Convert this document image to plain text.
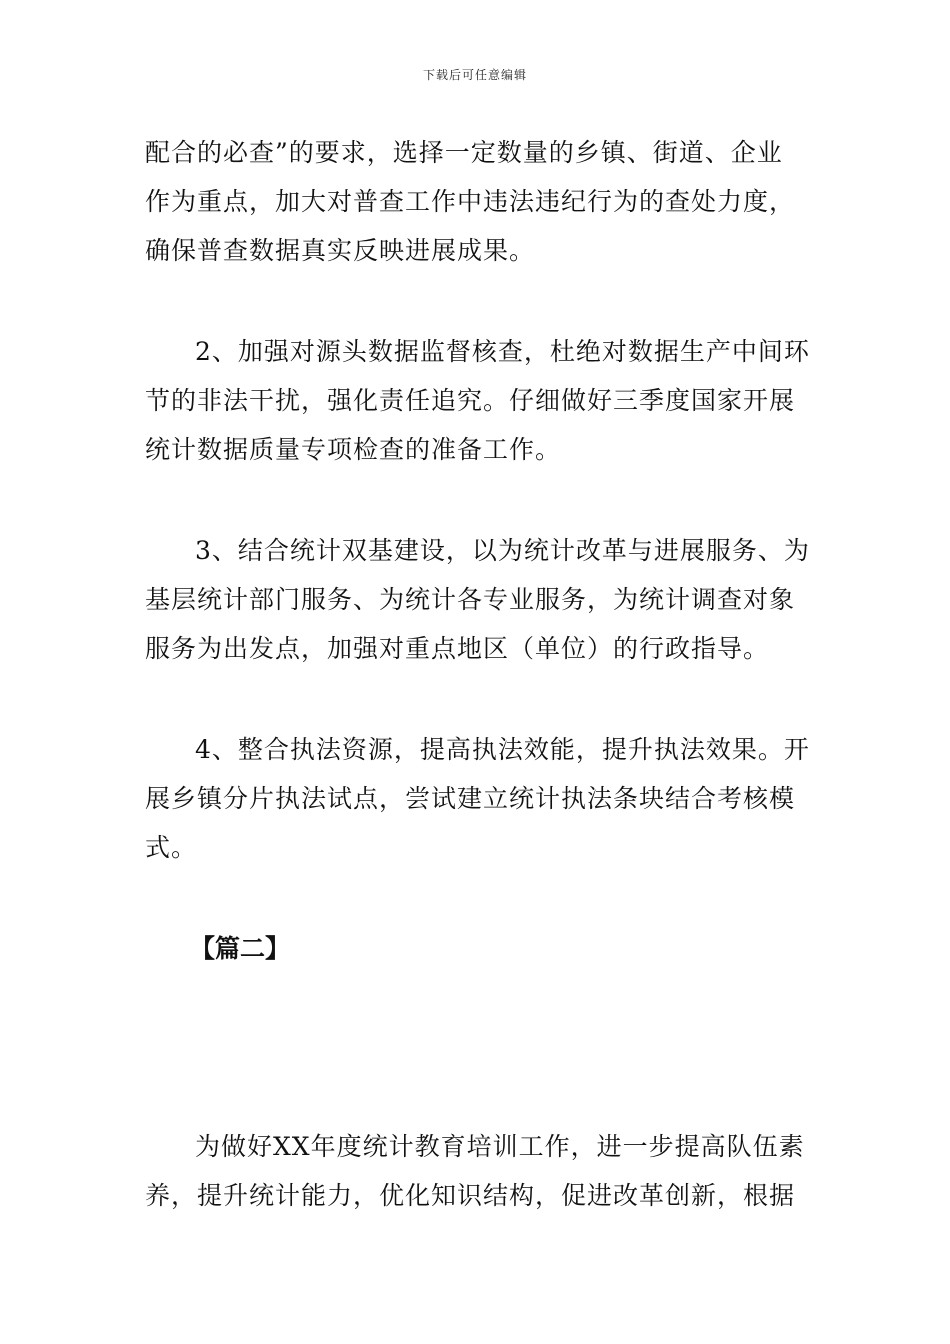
下载后可任意编辑
配合的必查”的要求，选择一定数量的乡镇、街道、企业
作为重点，加大对普查工作中违法违纪行为的查处力度，
确保普查数据真实反映进展成果。
2、加强对源头数据监督核查，杜绝对数据生产中间环
节的非法干扰，强化责任追究。仔细做好三季度国家开展
统计数据质量专项检查的准备工作。
3、结合统计双基建设，以为统计改革与进展服务、为
基层统计部门服务、为统计各专业服务，为统计调查对象
服务为出发点，加强对重点地区（单位）的行政指导。
4、整合执法资源，提高执法效能，提升执法效果。开
展乡镇分片执法试点，尝试建立统计执法条块结合考核模
式。
【篇二】
为做好XX年度统计教育培训工作，进一步提高队伍素
养，提升统计能力，优化知识结构，促进改革创新，根据
